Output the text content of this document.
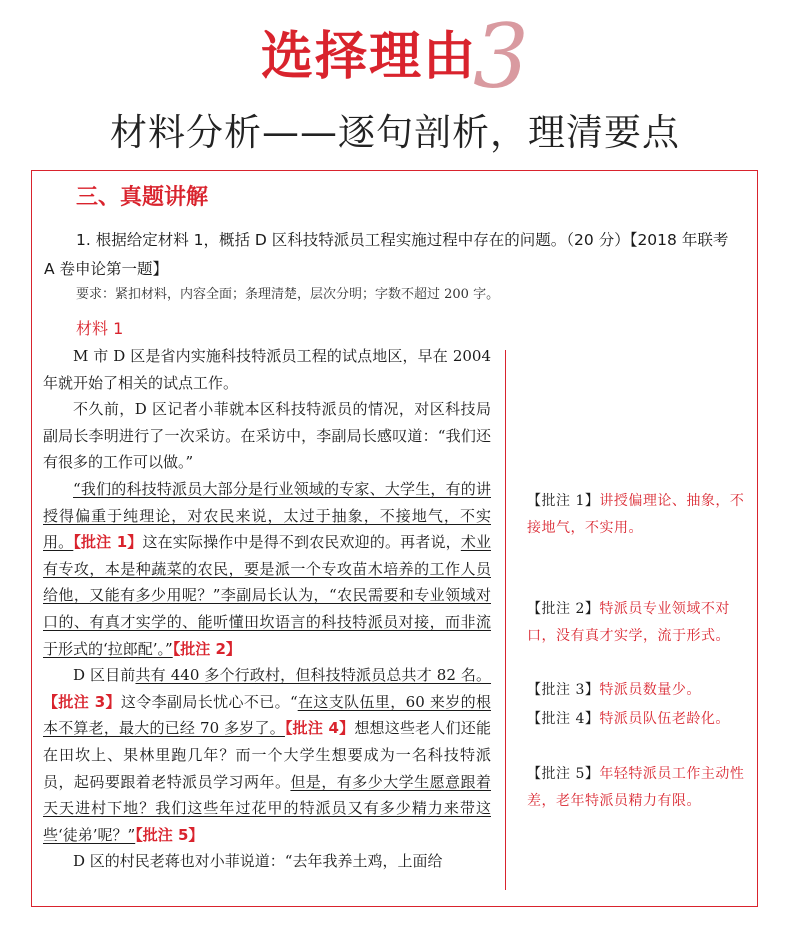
选择理由3
材料分析——逐句剖析，理清要点
三、真题讲解
1. 根据给定材料 1，概括 D 区科技特派员工程实施过程中存在的问题。（20 分）【2018 年联考
A 卷申论第一题】
要求：紧扣材料，内容全面；条理清楚，层次分明；字数不超过 200 字。
材料 1

M 市 D 区是省内实施科技特派员工程的试点地区，早在 2004 年就开始了相关的试点工作。

不久前，D 区记者小菲就本区科技特派员的情况，对区科技局副局长李明进行了一次采访。在采访中，李副局长感叹道：“我们还有很多的工作可以做。”

“我们的科技特派员大部分是行业领域的专家、大学生，有的讲授得偏重于纯理论，对农民来说，太过于抽象，不接地气，不实用。【批注 1】这在实际操作中是得不到农民欢迎的。再者说，术业有专攻，本是种蔬菜的农民，要是派一个专攻苗木培养的工作人员给他，又能有多少用呢？”李副局长认为，“农民需要和专业领域对口的、有真才实学的、能听懂田坎语言的科技特派员对接，而非流于形式的‘拉郎配’。”【批注 2】

D 区目前共有 440 多个行政村，但科技特派员总共才 82 名。【批注 3】这令李副局长忧心不已。“在这支队伍里，60 来岁的根本不算老，最大的已经 70 多岁了。【批注 4】想想这些老人们还能在田坎上、果林里跑几年？而一个大学生想要成为一名科技特派员，起码要跟着老特派员学习两年。但是，有多少大学生愿意跟着天天进村下地？我们这些年过花甲的特派员又有多少精力来带这些‘徒弟’呢？”【批注 5】

D 区的村民老蒋也对小菲说道：“去年我养土鸡，上面给

【批注 1】讲授偏理论、抽象，不接地气，不实用。
【批注 2】特派员专业领域不对口，没有真才实学，流于形式。
【批注 3】特派员数量少。
【批注 4】特派员队伍老龄化。
【批注 5】年轻特派员工作主动性差，老年特派员精力有限。
